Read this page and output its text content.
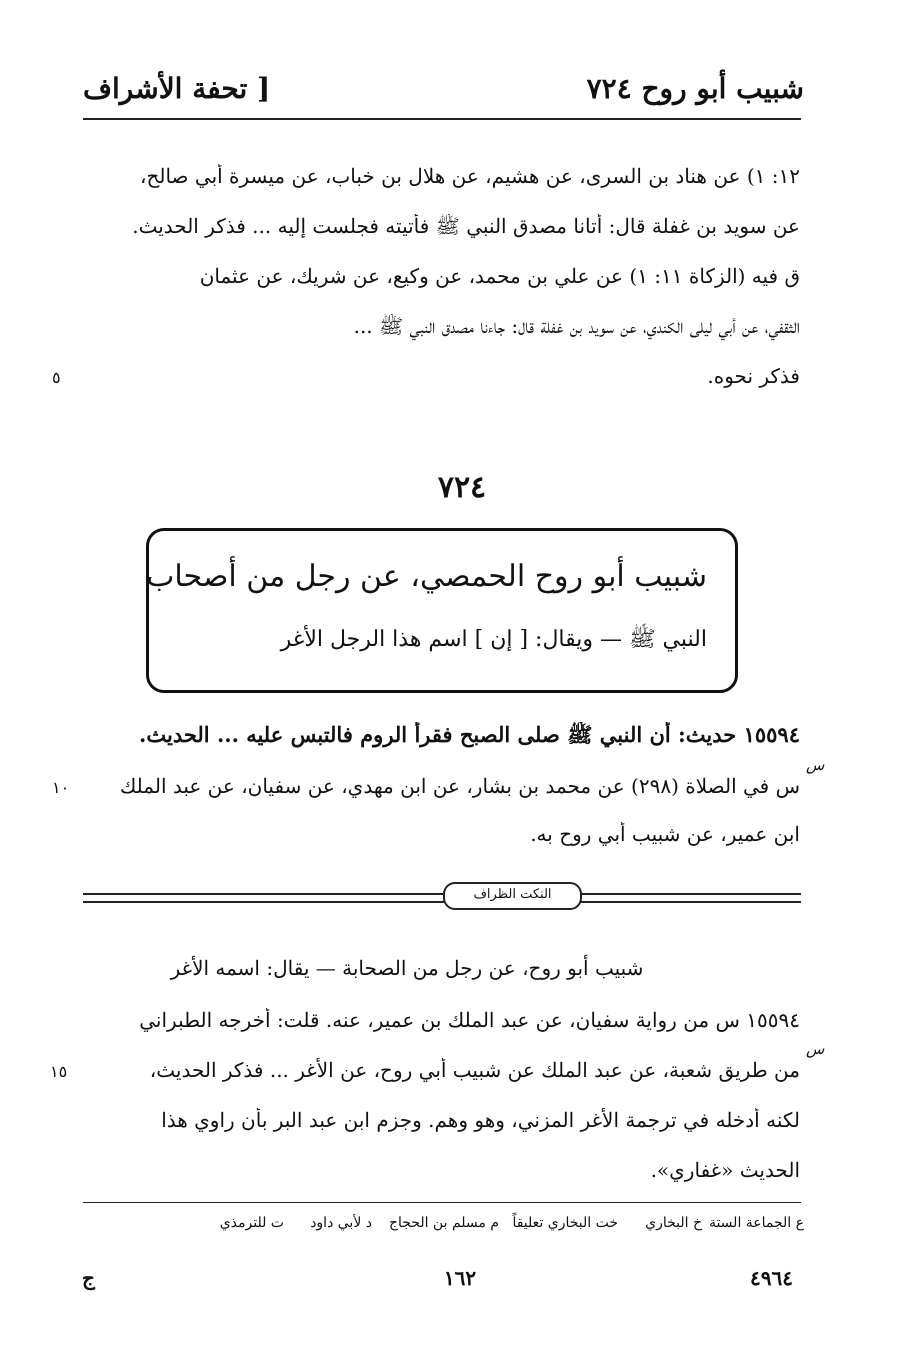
شبيب أبو روح ٧٢٤
[ تحفة الأشراف
١٢: ١) عن هناد بن السرى، عن هشيم، عن هلال بن خباب، عن ميسرة أبي صالح،
عن سويد بن غفلة قال: أتانا مصدق النبي ﷺ فأتيته فجلست إليه ... فذكر الحديث.
ق فيه (الزكاة ١١: ١) عن علي بن محمد، عن وكيع، عن شريك، عن عثمان
الثقفي، عن أبي ليلى الكندي، عن سويد بن غفلة قال: جاءنا مصدق النبي ﷺ ...
فذكر نحوه.
٥
٧٢٤
شبيب أبو روح الحمصي، عن رجل من أصحاب
النبي ﷺ — ويقال: [ إن ] اسم هذا الرجل الأغر
١٥٥٩٤ حديث: أن النبي ﷺ صلى الصبح فقرأ الروم فالتبس عليه ... الحديث.
س
س في الصلاة (٢٩٨) عن محمد بن بشار، عن ابن مهدي، عن سفيان، عن عبد الملك
١٠
ابن عمير، عن شبيب أبي روح به.
النكت الظراف
شبيب أبو روح، عن رجل من الصحابة — يقال: اسمه الأغر
١٥٥٩٤ س من رواية سفيان، عن عبد الملك بن عمير، عنه. قلت: أخرجه الطبراني
س
من طريق شعبة، عن عبد الملك عن شبيب أبي روح، عن الأغر ... فذكر الحديث،
١٥
لكنه أدخله في ترجمة الأغر المزني، وهو وهم. وجزم ابن عبد البر بأن راوي هذا
الحديث «غفاري».
ع الجماعة الستة
خ البخاري
خت البخاري تعليقاً
م مسلم بن الحجاج
د لأبي داود
ت للترمذي
٤٩٦٤
١٦٢
ج
